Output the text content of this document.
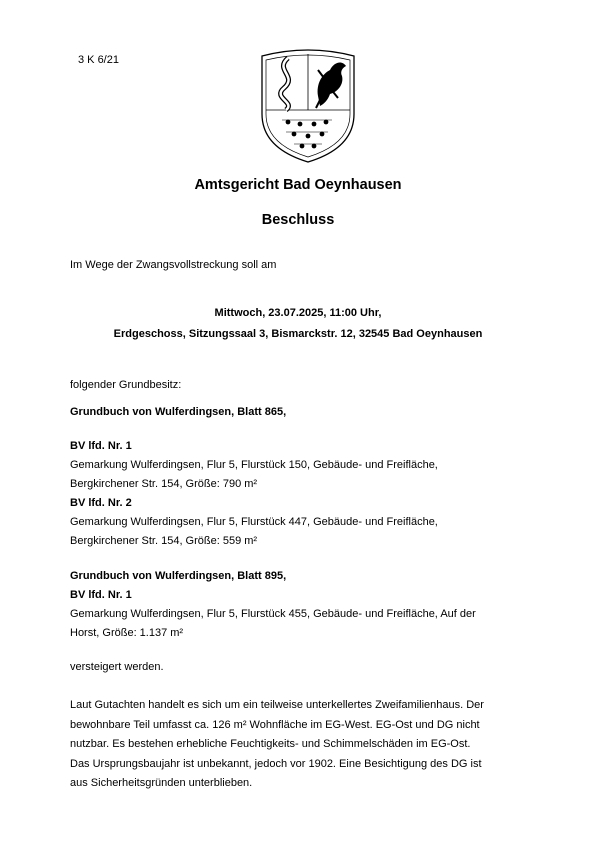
3 K 6/21
Amtsgericht Bad Oeynhausen
Beschluss
Im Wege der Zwangsvollstreckung soll am
Mittwoch, 23.07.2025, 11:00 Uhr,
Erdgeschoss, Sitzungssaal 3, Bismarckstr. 12, 32545 Bad Oeynhausen
folgender Grundbesitz:
Grundbuch von Wulferdingsen, Blatt 865,
BV lfd. Nr. 1
Gemarkung Wulferdingsen, Flur 5, Flurstück 150, Gebäude- und Freifläche,
Bergkirchener Str. 154, Größe: 790 m²
BV lfd. Nr. 2
Gemarkung Wulferdingsen, Flur 5, Flurstück 447, Gebäude- und Freifläche,
Bergkirchener Str. 154, Größe: 559 m²
Grundbuch von Wulferdingsen, Blatt 895,
BV lfd. Nr. 1
Gemarkung Wulferdingsen, Flur 5, Flurstück 455, Gebäude- und Freifläche, Auf der
Horst, Größe: 1.137 m²
versteigert werden.
Laut Gutachten handelt es sich um ein teilweise unterkellertes Zweifamilienhaus. Der
bewohnbare Teil umfasst ca. 126 m² Wohnfläche im EG-West. EG-Ost und DG nicht
nutzbar. Es bestehen erhebliche Feuchtigkeits- und Schimmelschäden im EG-Ost.
Das Ursprungsbaujahr ist unbekannt, jedoch vor 1902. Eine Besichtigung des DG ist
aus Sicherheitsgründen unterblieben.
